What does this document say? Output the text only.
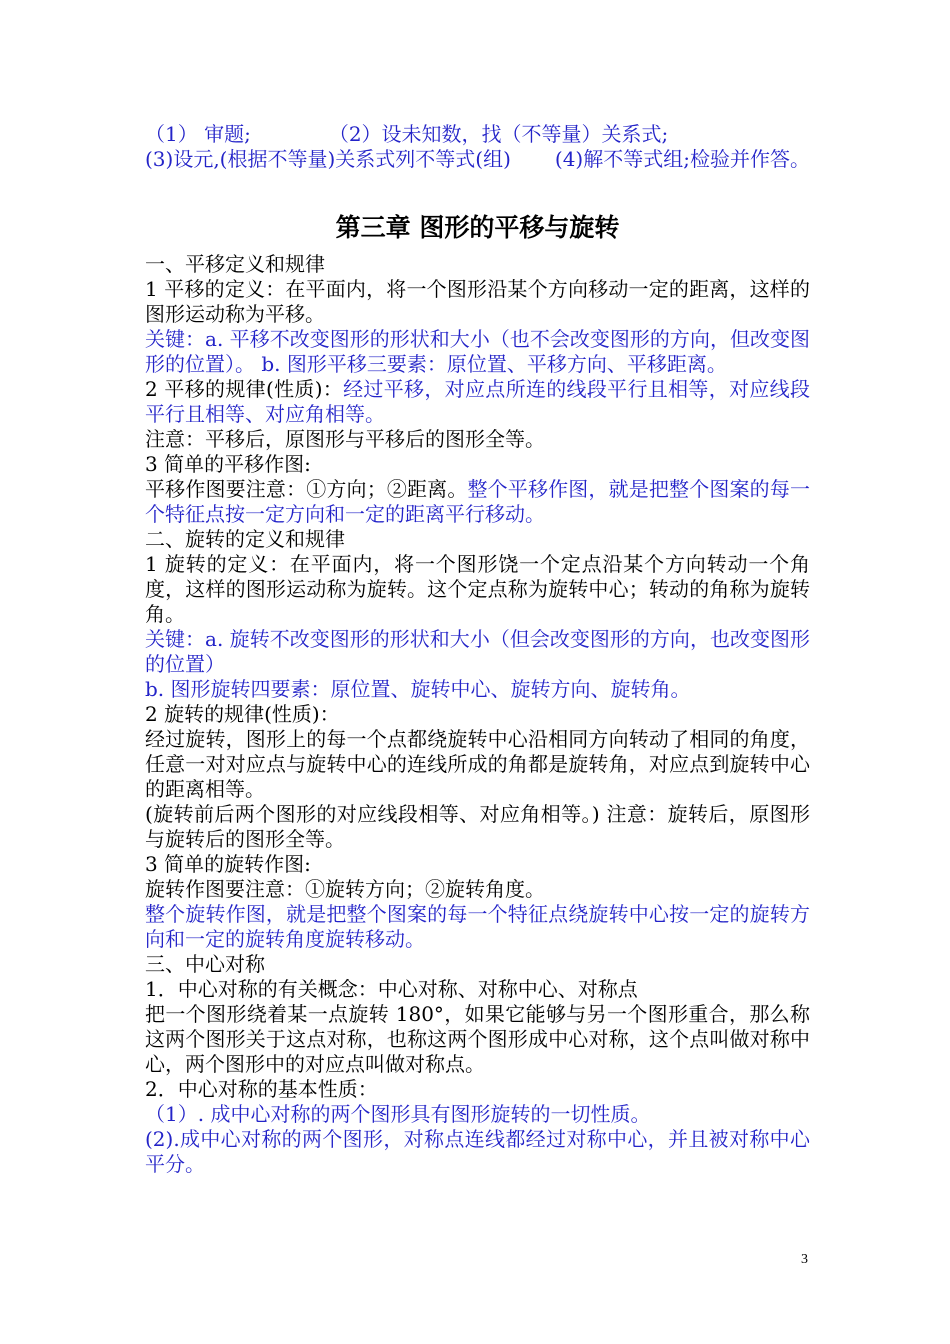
（1） 审题;	（2）设未知数，找（不等量）关系式;

(3)设元,(根据不等量)关系式列不等式(组) (4)解不等式组;检验并作答。

第三章 图形的平移与旋转

一、平移定义和规律

1 平移的定义：在平面内，将一个图形沿某个方向移动一定的距离，这样的图形运动称为平移。

关键：a. 平移不改变图形的形状和大小（也不会改变图形的方向，但改变图形的位置）。 b. 图形平移三要素：原位置、平移方向、平移距离。

2 平移的规律(性质)：经过平移，对应点所连的线段平行且相等，对应线段平行且相等、对应角相等。

注意：平移后，原图形与平移后的图形全等。

3 简单的平移作图:

平移作图要注意：①方向；②距离。整个平移作图，就是把整个图案的每一个特征点按一定方向和一定的距离平行移动。

二、旋转的定义和规律

1 旋转的定义：在平面内，将一个图形饶一个定点沿某个方向转动一个角度，这样的图形运动称为旋转。这个定点称为旋转中心；转动的角称为旋转角。

关键：a. 旋转不改变图形的形状和大小（但会改变图形的方向，也改变图形的位置）

b. 图形旋转四要素：原位置、旋转中心、旋转方向、旋转角。

2 旋转的规律(性质)：

经过旋转，图形上的每一个点都绕旋转中心沿相同方向转动了相同的角度，任意一对对应点与旋转中心的连线所成的角都是旋转角，对应点到旋转中心的距离相等。

(旋转前后两个图形的对应线段相等、对应角相等。) 注意：旋转后，原图形与旋转后的图形全等。

3 简单的旋转作图:

旋转作图要注意：①旋转方向；②旋转角度。

整个旋转作图，就是把整个图案的每一个特征点绕旋转中心按一定的旋转方向和一定的旋转角度旋转移动。

三、中心对称

1．中心对称的有关概念：中心对称、对称中心、对称点

把一个图形绕着某一点旋转 180°，如果它能够与另一个图形重合，那么称这两个图形关于这点对称，也称这两个图形成中心对称，这个点叫做对称中心，两个图形中的对应点叫做对称点。

2．中心对称的基本性质：

（1）. 成中心对称的两个图形具有图形旋转的一切性质。

(2).成中心对称的两个图形，对称点连线都经过对称中心，并且被对称中心平分。

3
